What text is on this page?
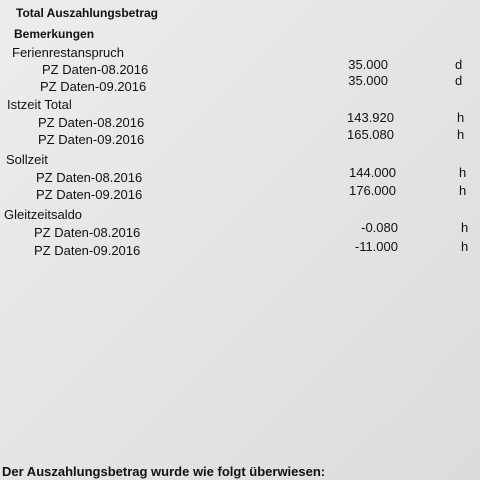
Total Auszahlungsbetrag
Bemerkungen
Ferienrestanspruch
PZ Daten-08.2016	35.000	d
PZ Daten-09.2016	35.000	d
Istzeit Total
PZ Daten-08.2016	143.920	h
PZ Daten-09.2016	165.080	h
Sollzeit
PZ Daten-08.2016	144.000	h
PZ Daten-09.2016	176.000	h
Gleitzeitsaldo
PZ Daten-08.2016	-0.080	h
PZ Daten-09.2016	-11.000	h
Der Auszahlungsbetrag wurde wie folgt überwiesen:
